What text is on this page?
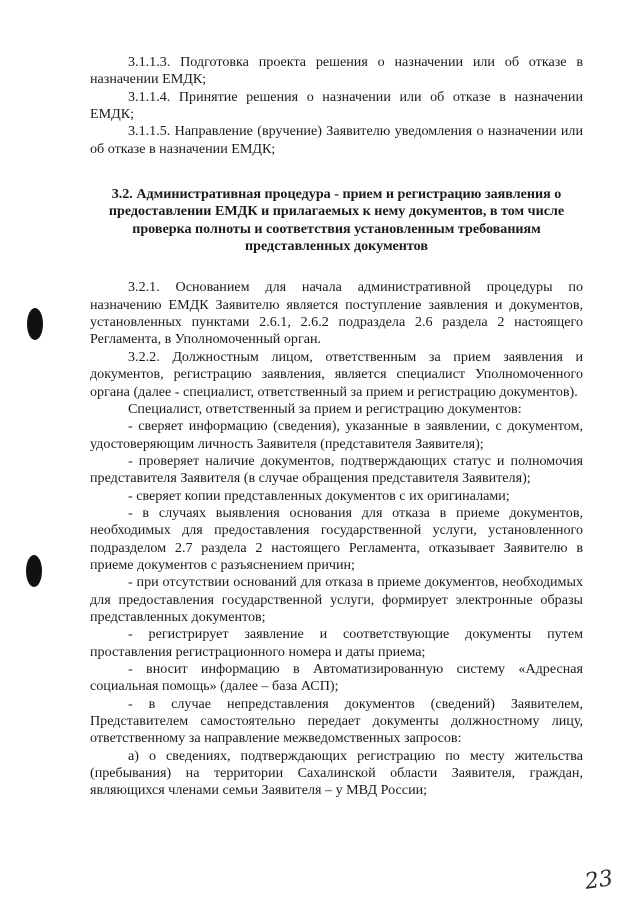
3.1.1.3. Подготовка проекта решения о назначении или об отказе в назначении ЕМДК;

3.1.1.4. Принятие решения о назначении или об отказе в назначении ЕМДК;

3.1.1.5. Направление (вручение) Заявителю уведомления о назначении или об отказе в назначении ЕМДК;

3.2. Административная процедура - прием и регистрацию заявления о предоставлении ЕМДК и прилагаемых к нему документов, в том числе проверка полноты и соответствия установленным требованиям представленных документов

3.2.1. Основанием для начала административной процедуры по назначению ЕМДК Заявителю является поступление заявления и документов, установленных пунктами 2.6.1, 2.6.2 подраздела 2.6 раздела 2 настоящего Регламента, в Уполномоченный орган.

3.2.2. Должностным лицом, ответственным за прием заявления и документов, регистрацию заявления, является специалист Уполномоченного органа (далее - специалист, ответственный за прием и регистрацию документов).

Специалист, ответственный за прием и регистрацию документов:

- сверяет информацию (сведения), указанные в заявлении, с документом, удостоверяющим личность Заявителя (представителя Заявителя);

- проверяет наличие документов, подтверждающих статус и полномочия представителя Заявителя (в случае обращения представителя Заявителя);

- сверяет копии представленных документов с их оригиналами;

- в случаях выявления основания для отказа в приеме документов, необходимых для предоставления государственной услуги, установленного подразделом 2.7 раздела 2 настоящего Регламента, отказывает Заявителю в приеме документов с разъяснением причин;

- при отсутствии оснований для отказа в приеме документов, необходимых для предоставления государственной услуги, формирует электронные образы представленных документов;

- регистрирует заявление и соответствующие документы путем проставления регистрационного номера и даты приема;

- вносит информацию в Автоматизированную систему «Адресная социальная помощь» (далее – база АСП);

- в случае непредставления документов (сведений) Заявителем, Представителем самостоятельно передает документы должностному лицу, ответственному за направление межведомственных запросов:

а) о сведениях, подтверждающих регистрацию по месту жительства (пребывания) на территории Сахалинской области Заявителя, граждан, являющихся членами семьи Заявителя – у МВД России;

23
